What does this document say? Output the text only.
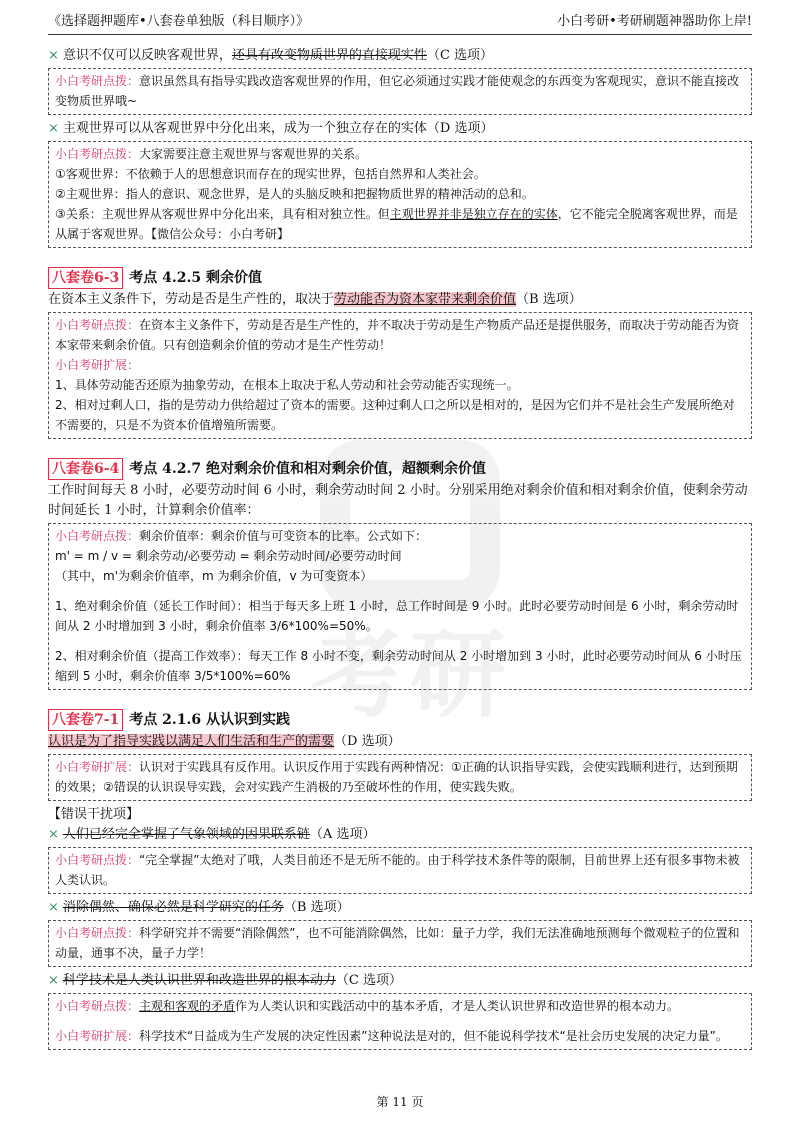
《选择题押题库•八套卷单独版（科目顺序）》	小白考研•考研刷题神器助你上岸!
考研

× 意识不仅可以反映客观世界，还具有改变物质世界的直接现实性（C 选项）

小白考研点拨：意识虽然具有指导实践改造客观世界的作用，但它必须通过实践才能使观念的东西变为客观现实，意识不能直接改变物质世界哦~

× 主观世界可以从客观世界中分化出来，成为一个独立存在的实体（D 选项）

小白考研点拨：大家需要注意主观世界与客观世界的关系。

①客观世界：不依赖于人的思想意识而存在的现实世界，包括自然界和人类社会。

②主观世界：指人的意识、观念世界，是人的头脑反映和把握物质世界的精神活动的总和。

③关系：主观世界从客观世界中分化出来，具有相对独立性。但主观世界并非是独立存在的实体，它不能完全脱离客观世界，而是从属于客观世界。【微信公众号：小白考研】

八套卷6-3 考点 4.2.5 剩余价值

在资本主义条件下，劳动是否是生产性的，取决于劳动能否为资本家带来剩余价值（B 选项）

小白考研点拨：在资本主义条件下，劳动是否是生产性的，并不取决于劳动是生产物质产品还是提供服务，而取决于劳动能否为资本家带来剩余价值。只有创造剩余价值的劳动才是生产性劳动！

小白考研扩展：

1、具体劳动能否还原为抽象劳动，在根本上取决于私人劳动和社会劳动能否实现统一。

2、相对过剩人口，指的是劳动力供给超过了资本的需要。这种过剩人口之所以是相对的，是因为它们并不是社会生产发展所绝对不需要的，只是不为资本价值增殖所需要。

八套卷6-4 考点 4.2.7 绝对剩余价值和相对剩余价值，超额剩余价值

工作时间每天 8 小时，必要劳动时间 6 小时，剩余劳动时间 2 小时。分别采用绝对剩余价值和相对剩余价值，使剩余劳动时间延长 1 小时，计算剩余价值率：

小白考研点拨：剩余价值率：剩余价值与可变资本的比率。公式如下：

m' = m / v = 剩余劳动/必要劳动 = 剩余劳动时间/必要劳动时间

（其中，m'为剩余价值率，m 为剩余价值，v 为可变资本）

1、绝对剩余价值（延长工作时间）：相当于每天多上班 1 小时，总工作时间是 9 小时。此时必要劳动时间是 6 小时，剩余劳动时间从 2 小时增加到 3 小时，剩余价值率 3/6*100%=50%。

2、相对剩余价值（提高工作效率）：每天工作 8 小时不变，剩余劳动时间从 2 小时增加到 3 小时，此时必要劳动时间从 6 小时压缩到 5 小时，剩余价值率 3/5*100%=60%

八套卷7-1 考点 2.1.6 从认识到实践

认识是为了指导实践以满足人们生活和生产的需要（D 选项）

小白考研扩展：认识对于实践具有反作用。认识反作用于实践有两种情况：①正确的认识指导实践，会使实践顺利进行，达到预期的效果；②错误的认识误导实践，会对实践产生消极的乃至破坏性的作用，使实践失败。

【错误干扰项】

× 人们已经完全掌握了气象领域的因果联系链（A 选项）

小白考研点拨：“完全掌握”太绝对了哦，人类目前还不是无所不能的。由于科学技术条件等的限制，目前世界上还有很多事物未被人类认识。

× 消除偶然、确保必然是科学研究的任务（B 选项）

小白考研点拨：科学研究并不需要“消除偶然”，也不可能消除偶然，比如：量子力学，我们无法准确地预测每个微观粒子的位置和动量，通事不决，量子力学！

× 科学技术是人类认识世界和改造世界的根本动力（C 选项）

小白考研点拨：主观和客观的矛盾作为人类认识和实践活动中的基本矛盾，才是人类认识世界和改造世界的根本动力。

小白考研扩展：科学技术“日益成为生产发展的决定性因素”这种说法是对的，但不能说科学技术“是社会历史发展的决定力量”。

第 11 页
